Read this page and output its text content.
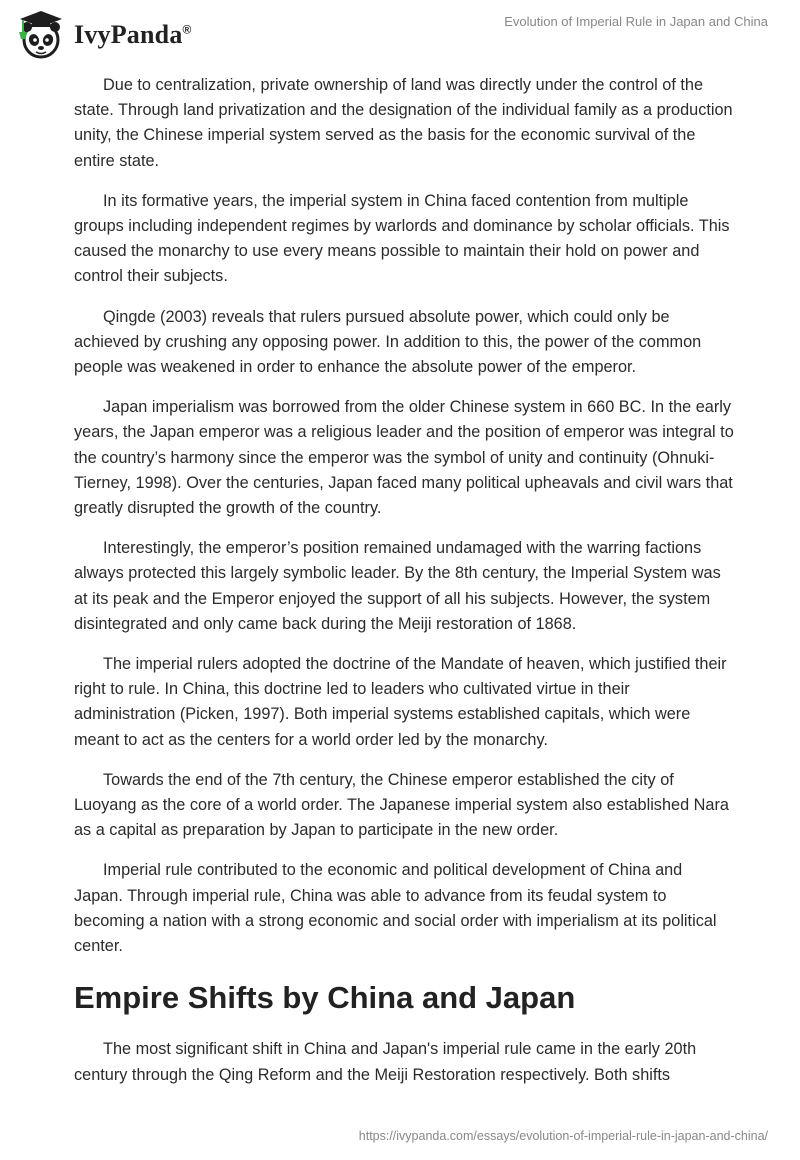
IvyPanda®
Evolution of Imperial Rule in Japan and China

Due to centralization, private ownership of land was directly under the control of the state. Through land privatization and the designation of the individual family as a production unity, the Chinese imperial system served as the basis for the economic survival of the entire state.

In its formative years, the imperial system in China faced contention from multiple groups including independent regimes by warlords and dominance by scholar officials. This caused the monarchy to use every means possible to maintain their hold on power and control their subjects.

Qingde (2003) reveals that rulers pursued absolute power, which could only be achieved by crushing any opposing power. In addition to this, the power of the common people was weakened in order to enhance the absolute power of the emperor.

Japan imperialism was borrowed from the older Chinese system in 660 BC. In the early years, the Japan emperor was a religious leader and the position of emperor was integral to the country’s harmony since the emperor was the symbol of unity and continuity (Ohnuki-Tierney, 1998). Over the centuries, Japan faced many political upheavals and civil wars that greatly disrupted the growth of the country.

Interestingly, the emperor’s position remained undamaged with the warring factions always protected this largely symbolic leader. By the 8th century, the Imperial System was at its peak and the Emperor enjoyed the support of all his subjects. However, the system disintegrated and only came back during the Meiji restoration of 1868.

The imperial rulers adopted the doctrine of the Mandate of heaven, which justified their right to rule. In China, this doctrine led to leaders who cultivated virtue in their administration (Picken, 1997). Both imperial systems established capitals, which were meant to act as the centers for a world order led by the monarchy.

Towards the end of the 7th century, the Chinese emperor established the city of Luoyang as the core of a world order. The Japanese imperial system also established Nara as a capital as preparation by Japan to participate in the new order.

Imperial rule contributed to the economic and political development of China and Japan. Through imperial rule, China was able to advance from its feudal system to becoming a nation with a strong economic and social order with imperialism at its political center.

Empire Shifts by China and Japan

The most significant shift in China and Japan's imperial rule came in the early 20th century through the Qing Reform and the Meiji Restoration respectively. Both shifts

https://ivypanda.com/essays/evolution-of-imperial-rule-in-japan-and-china/
